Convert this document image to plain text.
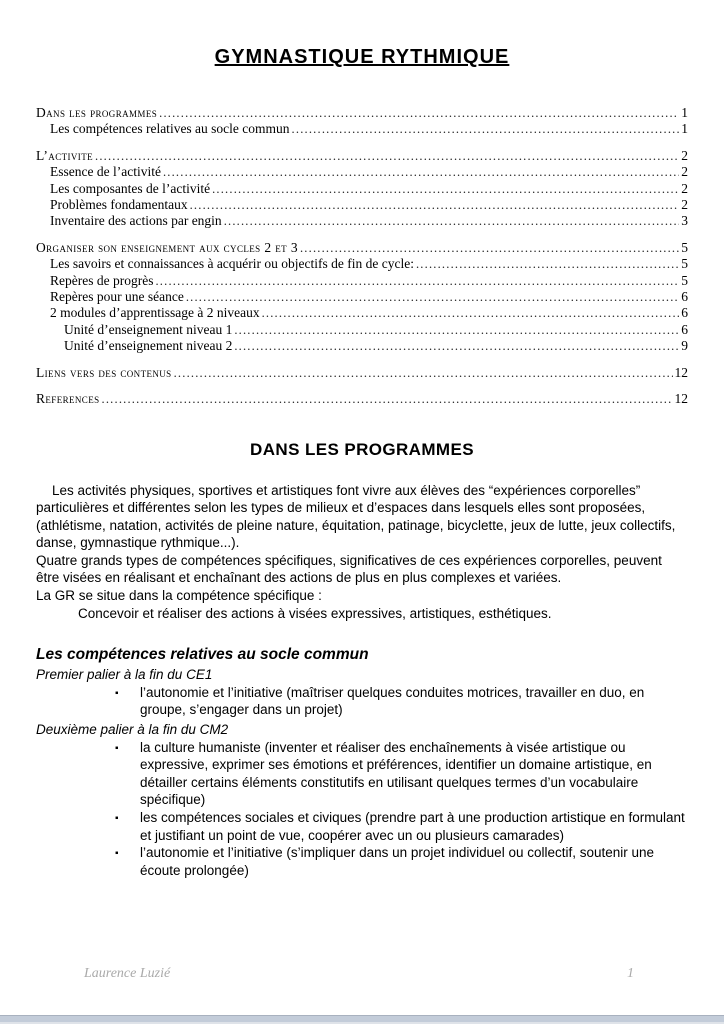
GYMNASTIQUE RYTHMIQUE
Dans les programmes .....	1
Les compétences relatives au socle commun .....	1
L’activite .....	2
Essence de l’activité .....	2
Les composantes de l’activité .....	2
Problèmes fondamentaux .....	2
Inventaire des actions par engin .....	3
Organiser son enseignement aux cycles 2 et 3 .....	5
Les savoirs et connaissances à acquérir ou objectifs de fin de cycle: .....	5
Repères de progrès .....	5
Repères pour une séance .....	6
2 modules d’apprentissage à 2 niveaux .....	6
Unité d’enseignement niveau 1 .....	6
Unité d’enseignement niveau 2 .....	9
Liens vers des contenus .....	12
References .....	12
DANS LES PROGRAMMES

Les activités physiques, sportives et artistiques font vivre aux élèves des “expériences corporelles” particulières et différentes selon les types de milieux et d’espaces dans lesquels elles sont proposées, (athlétisme, natation, activités de pleine nature, équitation, patinage, bicyclette, jeux de lutte, jeux collectifs, danse, gymnastique rythmique...).

Quatre grands types de compétences spécifiques, significatives de ces expériences corporelles, peuvent être visées en réalisant et enchaînant des actions de plus en plus complexes et variées.

La GR se situe dans la compétence spécifique :

Concevoir et réaliser des actions à visées expressives, artistiques, esthétiques.

Les compétences relatives au socle commun

Premier palier à la fin du CE1

▪ l’autonomie et l’initiative (maîtriser quelques conduites motrices, travailler en duo, en groupe, s’engager dans un projet)

Deuxième palier à la fin du CM2

▪ la culture humaniste (inventer et réaliser des enchaînements à visée artistique ou expressive, exprimer ses émotions et préférences, identifier un domaine artistique, en détailler certains éléments constitutifs en utilisant quelques termes d’un vocabulaire spécifique)
▪ les compétences sociales et civiques (prendre part à une production artistique en formulant et justifiant un point de vue, coopérer avec un ou plusieurs camarades)
▪ l’autonomie et l’initiative (s’impliquer dans un projet individuel ou collectif, soutenir une écoute prolongée)
Laurence Luzié	1
